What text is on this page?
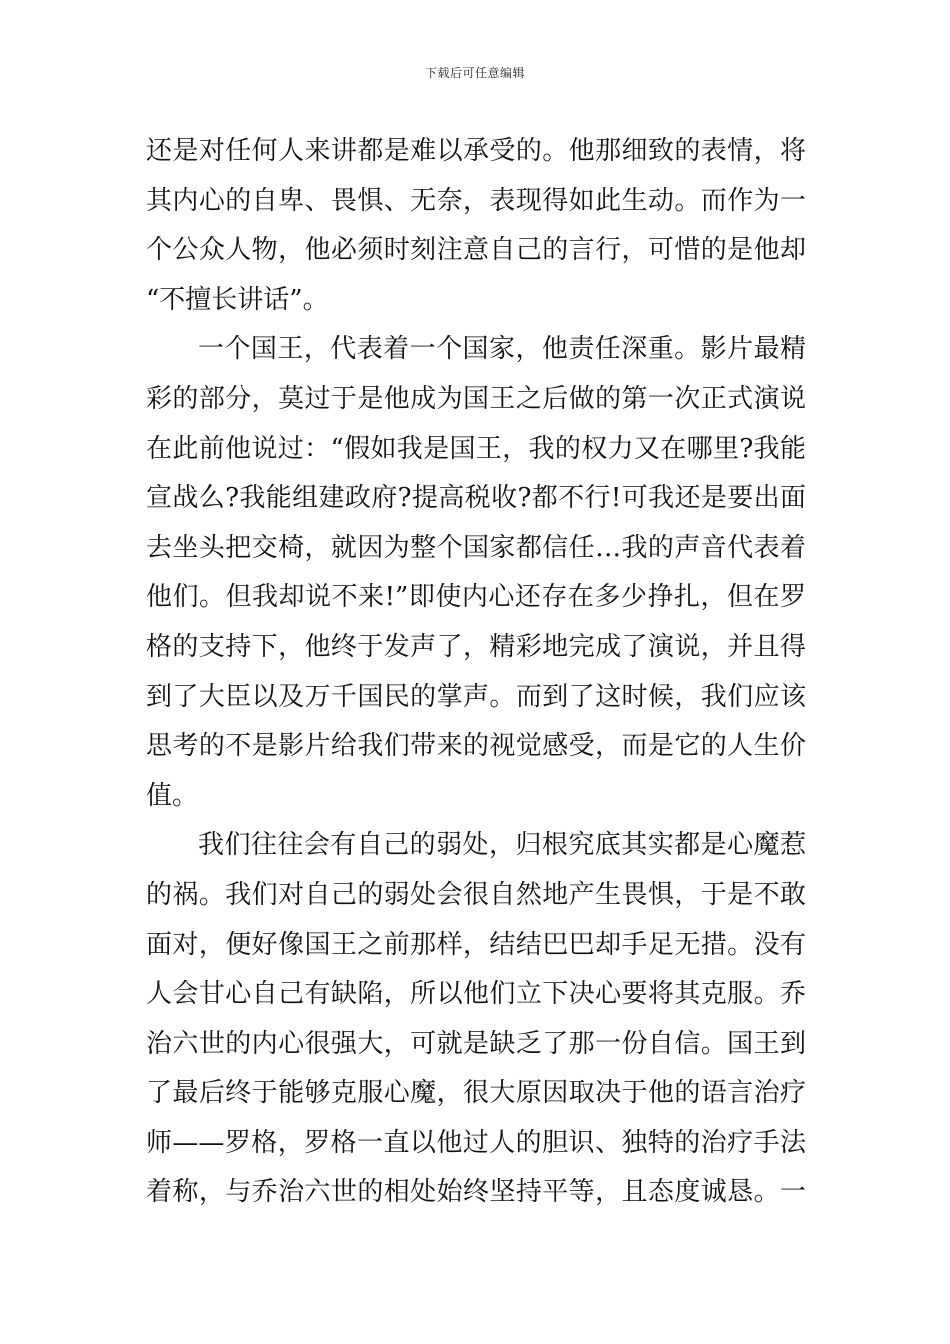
下载后可任意编辑
还是对任何人来讲都是难以承受的。他那细致的表情，将
其内心的自卑、畏惧、无奈，表现得如此生动。而作为一
个公众人物，他必须时刻注意自己的言行，可惜的是他却
“不擅长讲话”。
一个国王，代表着一个国家，他责任深重。影片最精
彩的部分，莫过于是他成为国王之后做的第一次正式演说
在此前他说过：“假如我是国王，我的权力又在哪里?我能
宣战么?我能组建政府?提高税收?都不行!可我还是要出面
去坐头把交椅，就因为整个国家都信任…我的声音代表着
他们。但我却说不来!”即使内心还存在多少挣扎，但在罗
格的支持下，他终于发声了，精彩地完成了演说，并且得
到了大臣以及万千国民的掌声。而到了这时候，我们应该
思考的不是影片给我们带来的视觉感受，而是它的人生价
值。
我们往往会有自己的弱处，归根究底其实都是心魔惹
的祸。我们对自己的弱处会很自然地产生畏惧，于是不敢
面对，便好像国王之前那样，结结巴巴却手足无措。没有
人会甘心自己有缺陷，所以他们立下决心要将其克服。乔
治六世的内心很强大，可就是缺乏了那一份自信。国王到
了最后终于能够克服心魔，很大原因取决于他的语言治疗
师——罗格，罗格一直以他过人的胆识、独特的治疗手法
着称，与乔治六世的相处始终坚持平等，且态度诚恳。一
